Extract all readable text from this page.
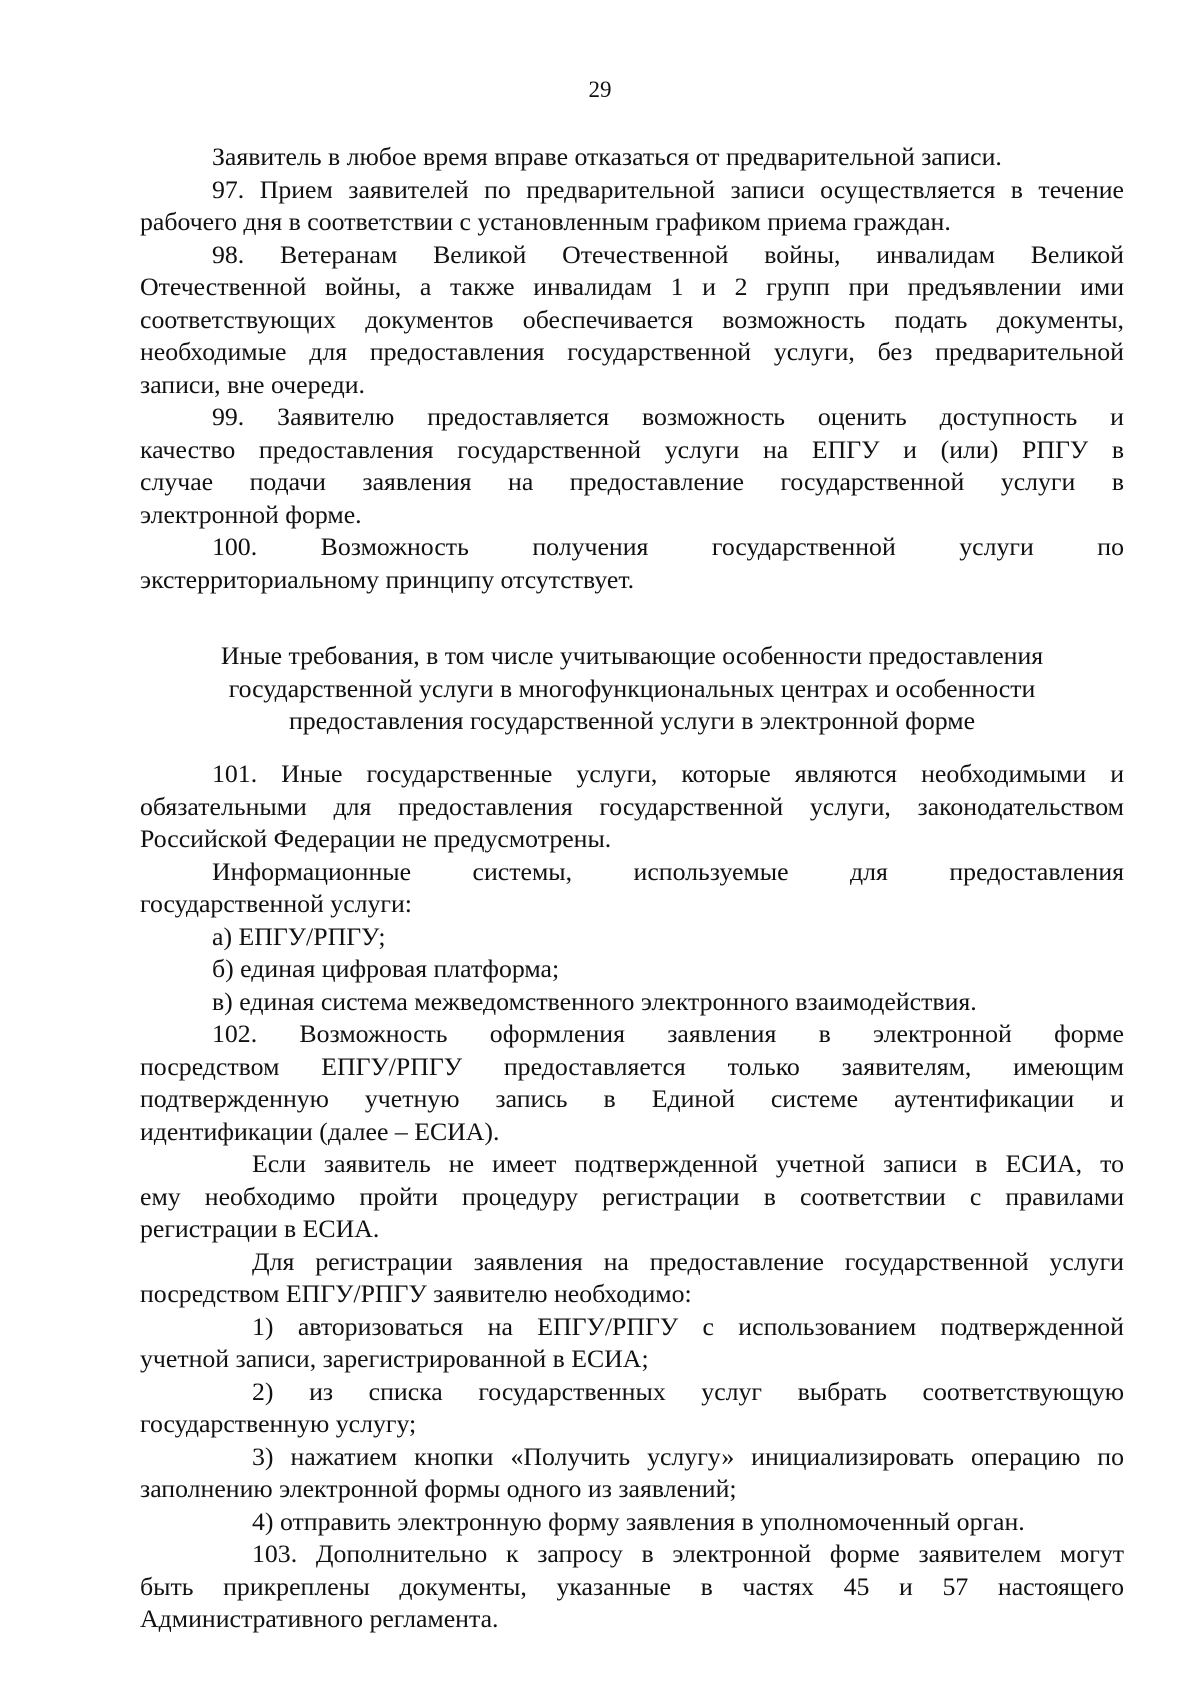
29
Заявитель в любое время вправе отказаться от предварительной записи.
97. Прием заявителей по предварительной записи осуществляется в течение
рабочего дня в соответствии с установленным графиком приема граждан.
98. Ветеранам Великой Отечественной войны, инвалидам Великой
Отечественной войны, а также инвалидам 1 и 2 групп при предъявлении ими
соответствующих документов обеспечивается возможность подать документы,
необходимые для предоставления государственной услуги, без предварительной
записи, вне очереди.
99. Заявителю предоставляется возможность оценить доступность и
качество предоставления государственной услуги на ЕПГУ и (или) РПГУ в
случае подачи заявления на предоставление государственной услуги в
электронной форме.
100. Возможность получения государственной услуги по
экстерриториальному принципу отсутствует.
Иные требования, в том числе учитывающие особенности предоставления
государственной услуги в многофункциональных центрах и особенности
предоставления государственной услуги в электронной форме
101. Иные государственные услуги, которые являются необходимыми и
обязательными для предоставления государственной услуги, законодательством
Российской Федерации не предусмотрены.
Информационные системы, используемые для предоставления
государственной услуги:
а) ЕПГУ/РПГУ;
б) единая цифровая платформа;
в) единая система межведомственного электронного взаимодействия.
102. Возможность оформления заявления в электронной форме
посредством ЕПГУ/РПГУ предоставляется только заявителям, имеющим
подтвержденную учетную запись в Единой системе аутентификации и
идентификации (далее – ЕСИА).
Если заявитель не имеет подтвержденной учетной записи в ЕСИА, то
ему необходимо пройти процедуру регистрации в соответствии с правилами
регистрации в ЕСИА.
Для регистрации заявления на предоставление государственной услуги
посредством ЕПГУ/РПГУ заявителю необходимо:
1) авторизоваться на ЕПГУ/РПГУ с использованием подтвержденной
учетной записи, зарегистрированной в ЕСИА;
2) из списка государственных услуг выбрать соответствующую
государственную услугу;
3) нажатием кнопки «Получить услугу» инициализировать операцию по
заполнению электронной формы одного из заявлений;
4) отправить электронную форму заявления в уполномоченный орган.
103. Дополнительно к запросу в электронной форме заявителем могут
быть прикреплены документы, указанные в частях 45 и 57 настоящего
Административного регламента.
